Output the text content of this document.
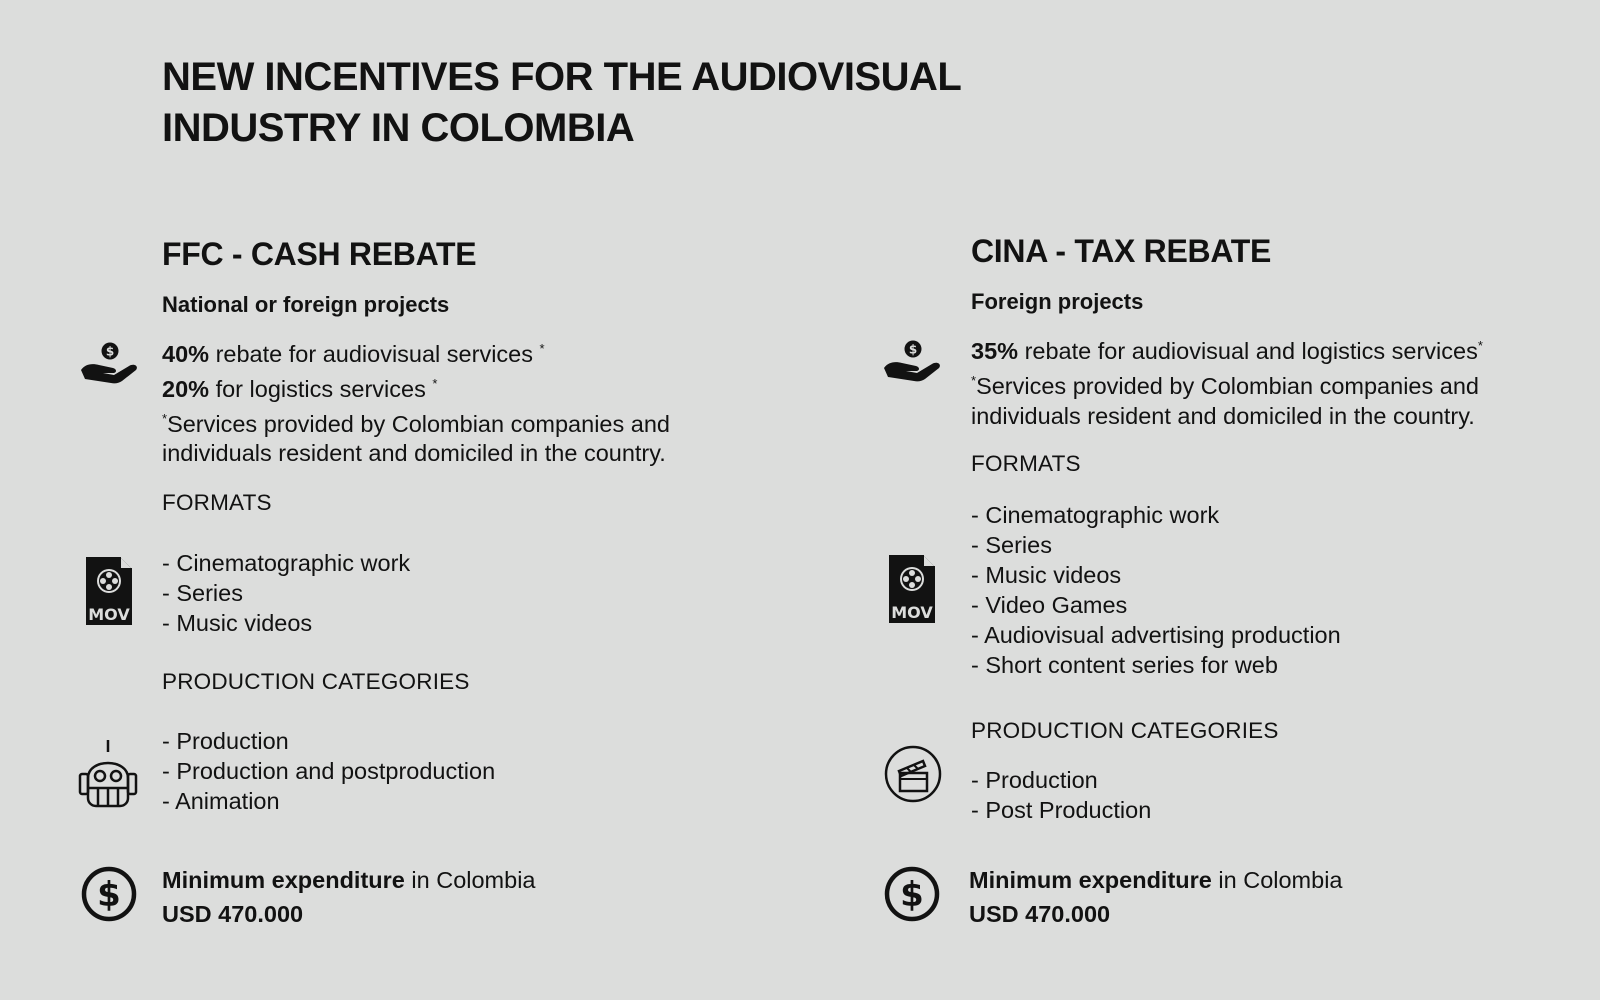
NEW INCENTIVES FOR THE AUDIOVISUAL
INDUSTRY IN COLOMBIA
FFC - CASH REBATE
National or foreign projects
$ 40% rebate for audiovisual services *
20% for logistics services *
*Services provided by Colombian companies and
individuals resident and domiciled in the country.
FORMATS
MOV
- Cinematographic work
- Series
- Music videos
PRODUCTION CATEGORIES
- Production
- Production and postproduction
- Animation
$ Minimum expenditure in Colombia
USD 470.000
CINA - TAX REBATE
Foreign projects
$ 35% rebate for audiovisual and logistics services*
*Services provided by Colombian companies and
individuals resident and domiciled in the country.
FORMATS
MOV
- Cinematographic work
- Series
- Music videos
- Video Games
- Audiovisual advertising production
- Short content series for web
PRODUCTION CATEGORIES
- Production
- Post Production
$ Minimum expenditure in Colombia
USD 470.000
